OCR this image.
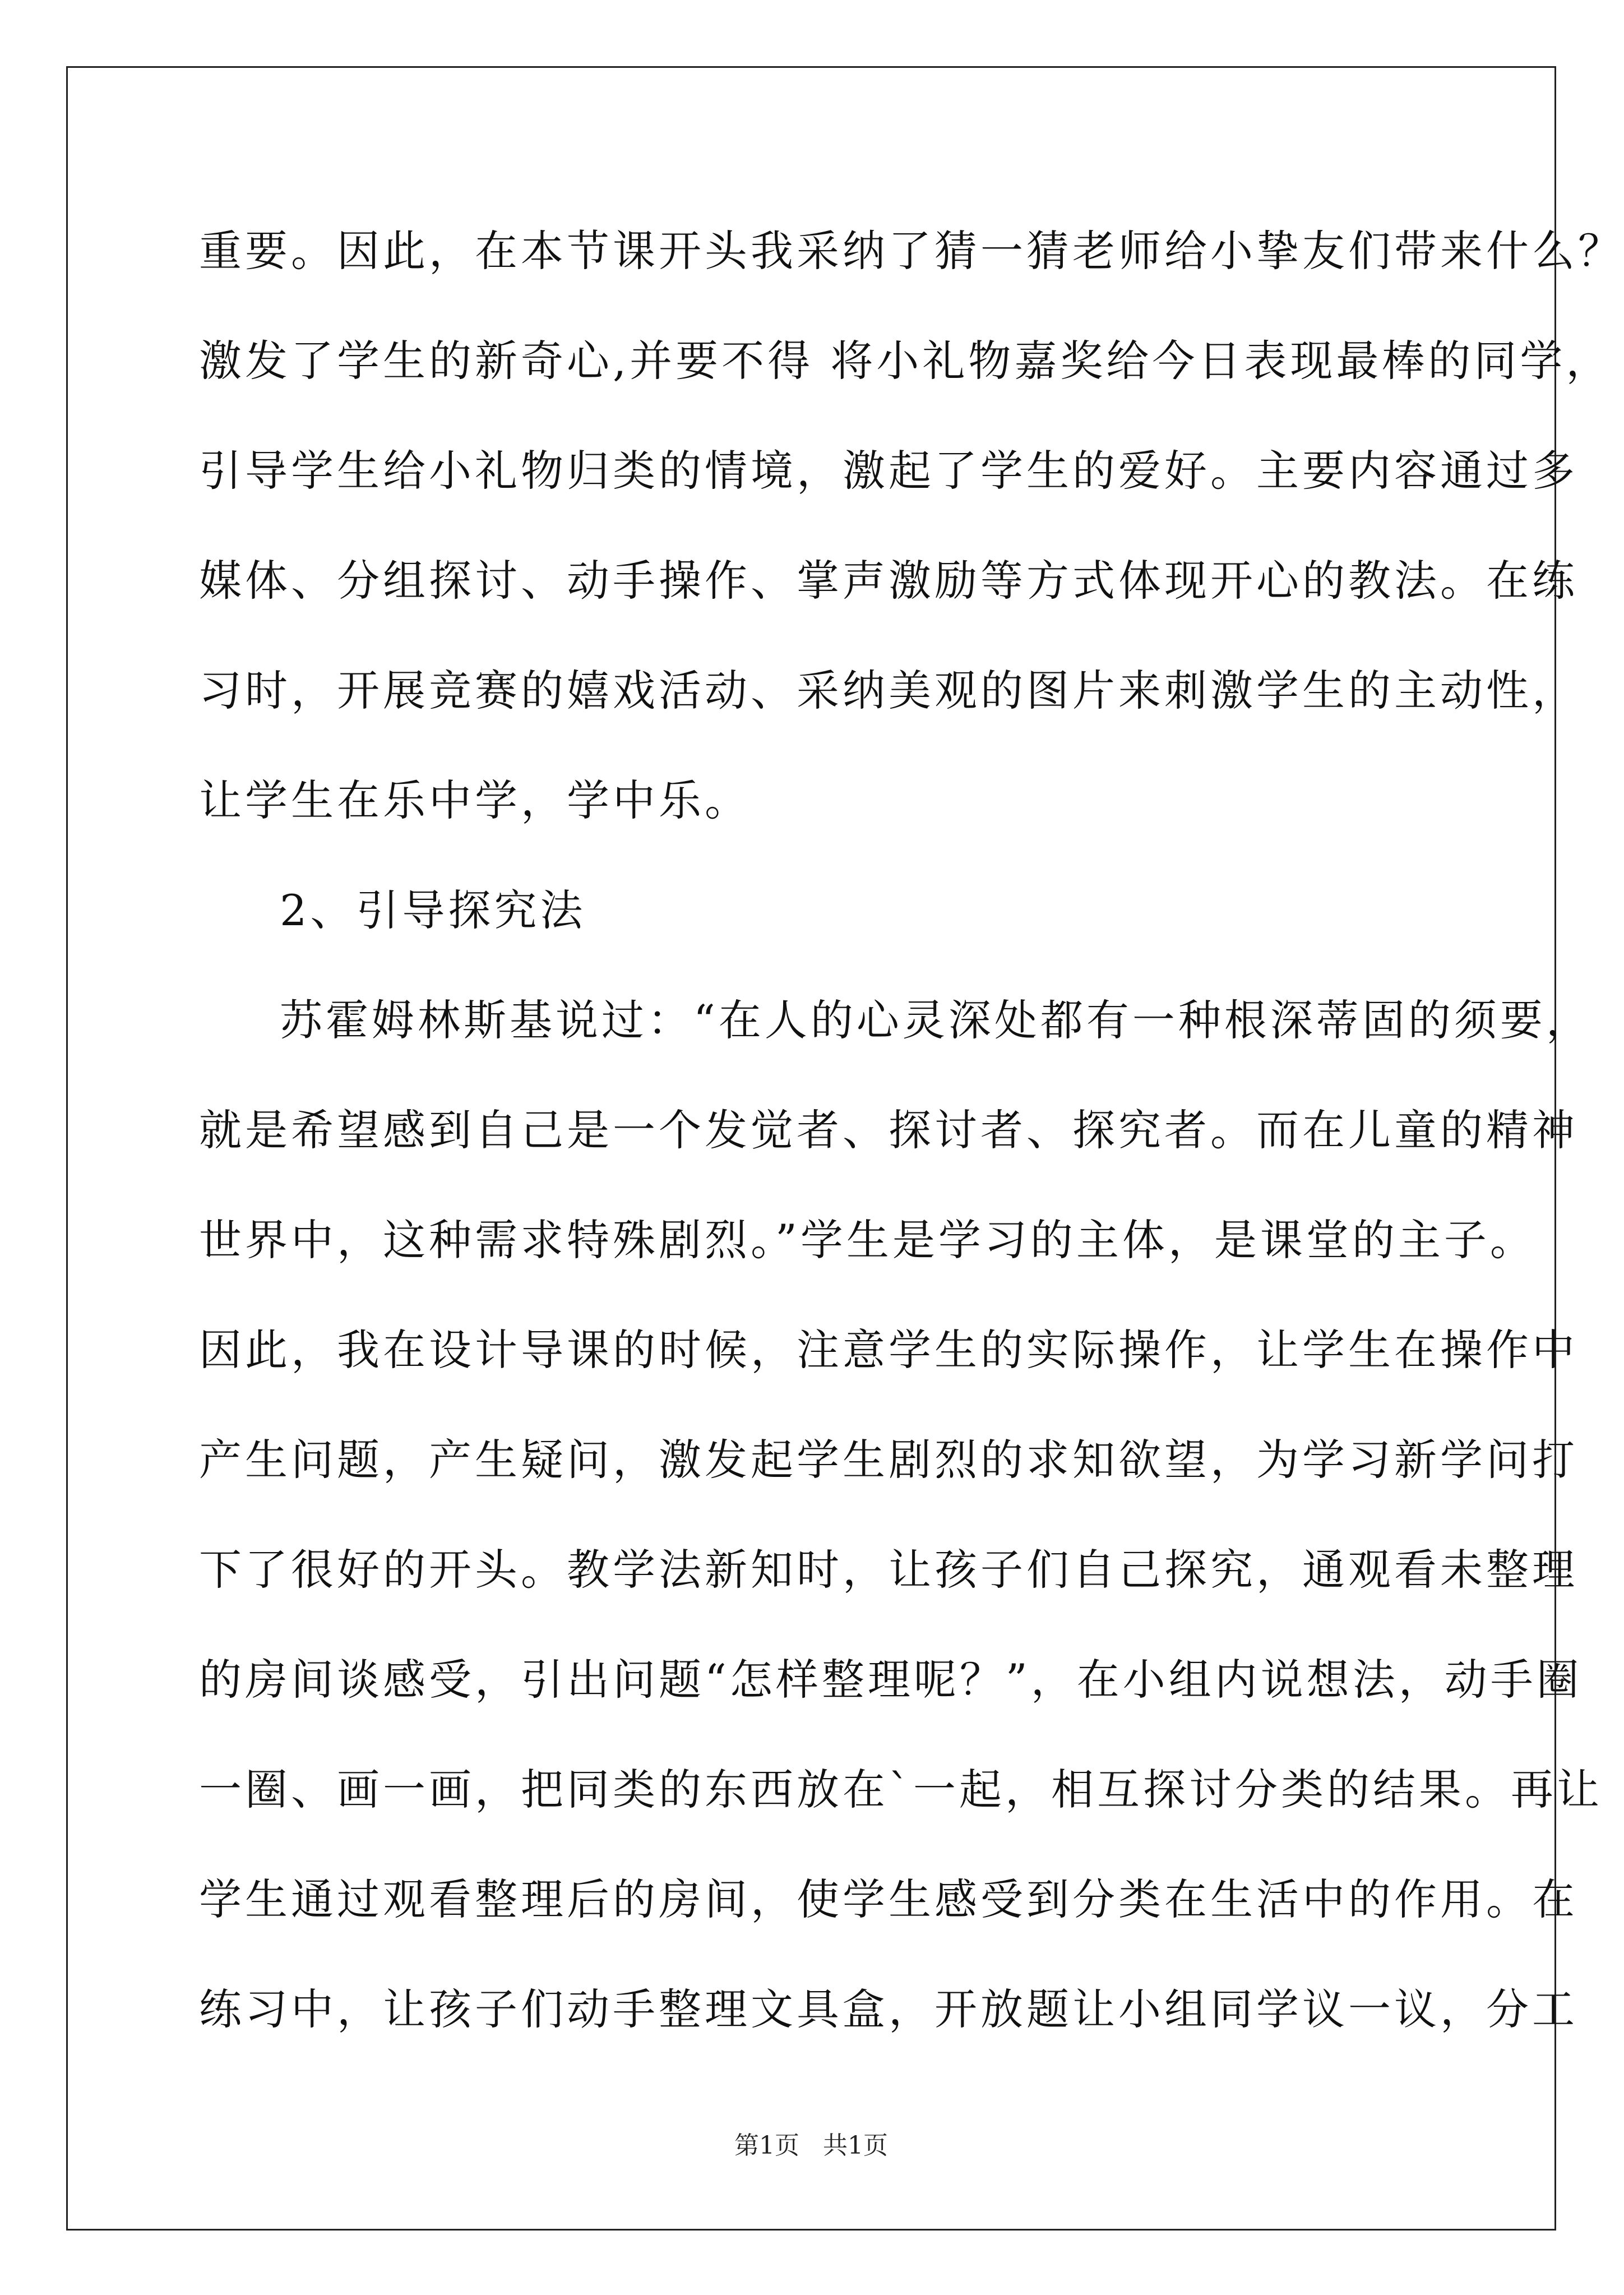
重要。因此，在本节课开头我采纳了猜一猜老师给小挚友们带来什么？
激发了学生的新奇心,并要不得 将小礼物嘉奖给今日表现最棒的同学，
引导学生给小礼物归类的情境，激起了学生的爱好。主要内容通过多
媒体、分组探讨、动手操作、掌声激励等方式体现开心的教法。在练
习时，开展竞赛的嬉戏活动、采纳美观的图片来刺激学生的主动性，
让学生在乐中学，学中乐。
2、引导探究法
苏霍姆林斯基说过：“在人的心灵深处都有一种根深蒂固的须要，
就是希望感到自己是一个发觉者、探讨者、探究者。而在儿童的精神
世界中，这种需求特殊剧烈。”学生是学习的主体，是课堂的主子。
因此，我在设计导课的时候，注意学生的实际操作，让学生在操作中
产生问题，产生疑问，激发起学生剧烈的求知欲望，为学习新学问打
下了很好的开头。教学法新知时，让孩子们自己探究，通观看未整理
的房间谈感受，引出问题“怎样整理呢？”，在小组内说想法，动手圈
一圈、画一画，把同类的东西放在`一起，相互探讨分类的结果。再让
学生通过观看整理后的房间，使学生感受到分类在生活中的作用。在
练习中，让孩子们动手整理文具盒，开放题让小组同学议一议，分工
第1页   共1页
